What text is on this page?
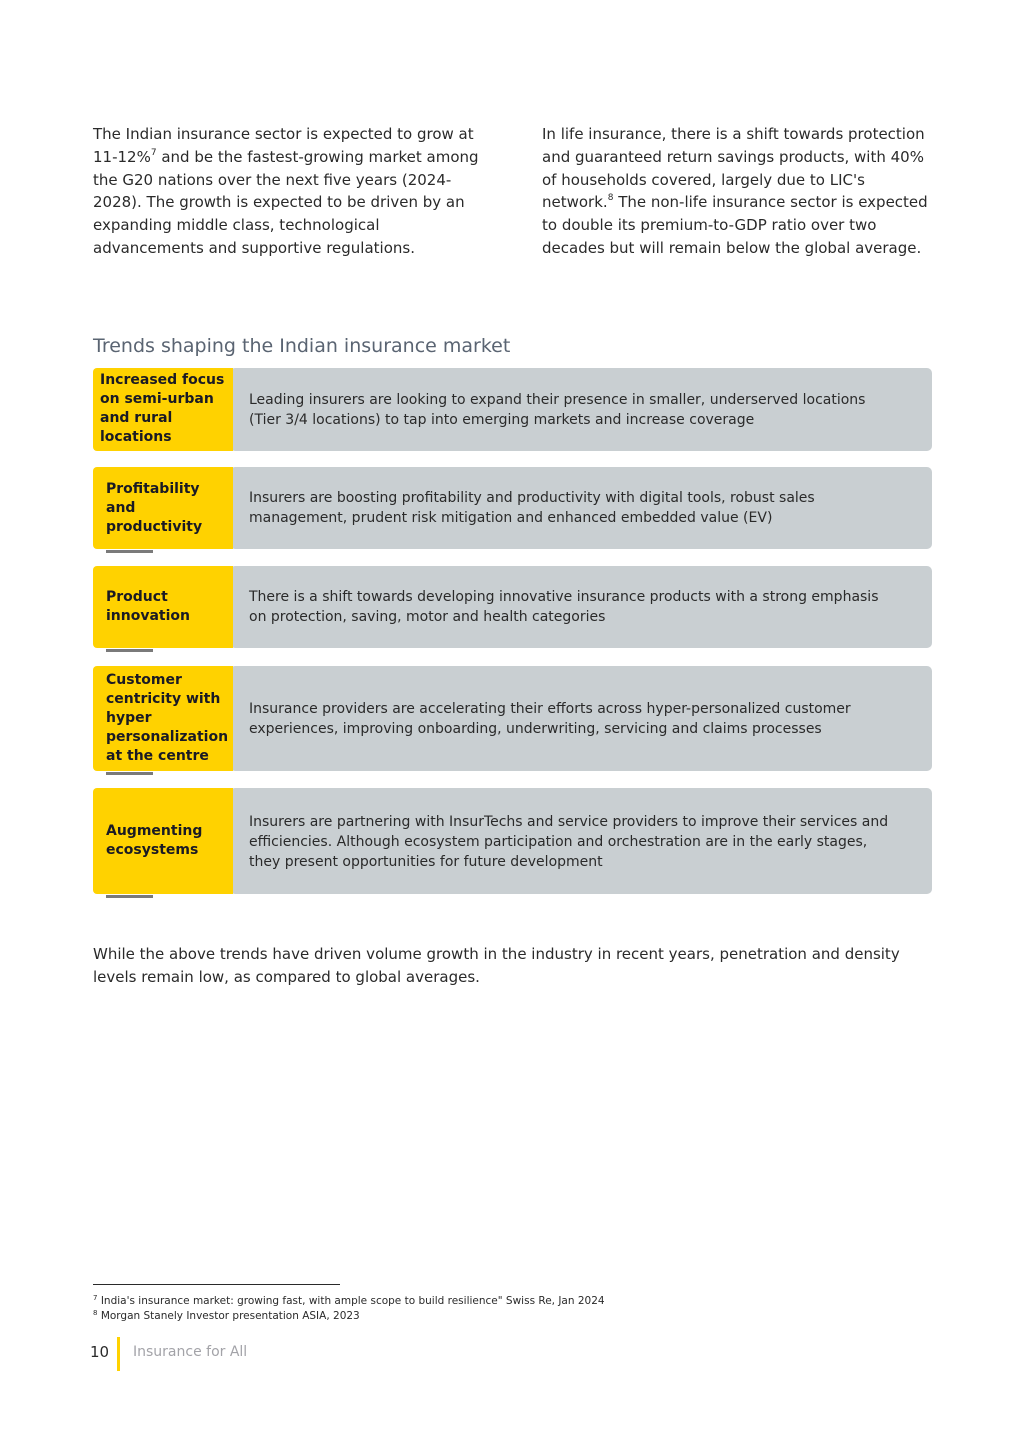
The Indian insurance sector is expected to grow at 11-12%$^7$ and be the fastest-growing market among the G20 nations over the next five years (2024-2028). The growth is expected to be driven by an expanding middle class, technological advancements and supportive regulations.
In life insurance, there is a shift towards protection and guaranteed return savings products, with 40% of households covered, largely due to LIC's network.$^8$ The non-life insurance sector is expected to double its premium-to-GDP ratio over two decades but will remain below the global average.
Trends shaping the Indian insurance market
Leading insurers are looking to expand their presence in smaller, underserved locations (Tier 3/4 locations) to tap into emerging markets and increase coverage
Increased focus on semi-urban and rural locations
Insurers are boosting profitability and productivity with digital tools, robust sales management, prudent risk mitigation and enhanced embedded value (EV)
Profitability and productivity
There is a shift towards developing innovative insurance products with a strong emphasis on protection, saving, motor and health categories
Product innovation
Insurance providers are accelerating their efforts across hyper-personalized customer experiences, improving onboarding, underwriting, servicing and claims processes
Customer centricity with hyper personalization at the centre
Insurers are partnering with InsurTechs and service providers to improve their services and efficiencies. Although ecosystem participation and orchestration are in the early stages, they present opportunities for future development
Augmenting ecosystems

While the above trends have driven volume growth in the industry in recent years, penetration and density levels remain low, as compared to global averages.

$^7$ India's insurance market: growing fast, with ample scope to build resilience" Swiss Re, Jan 2024
$^8$ Morgan Stanely Investor presentation ASIA, 2023
10 Insurance for All
